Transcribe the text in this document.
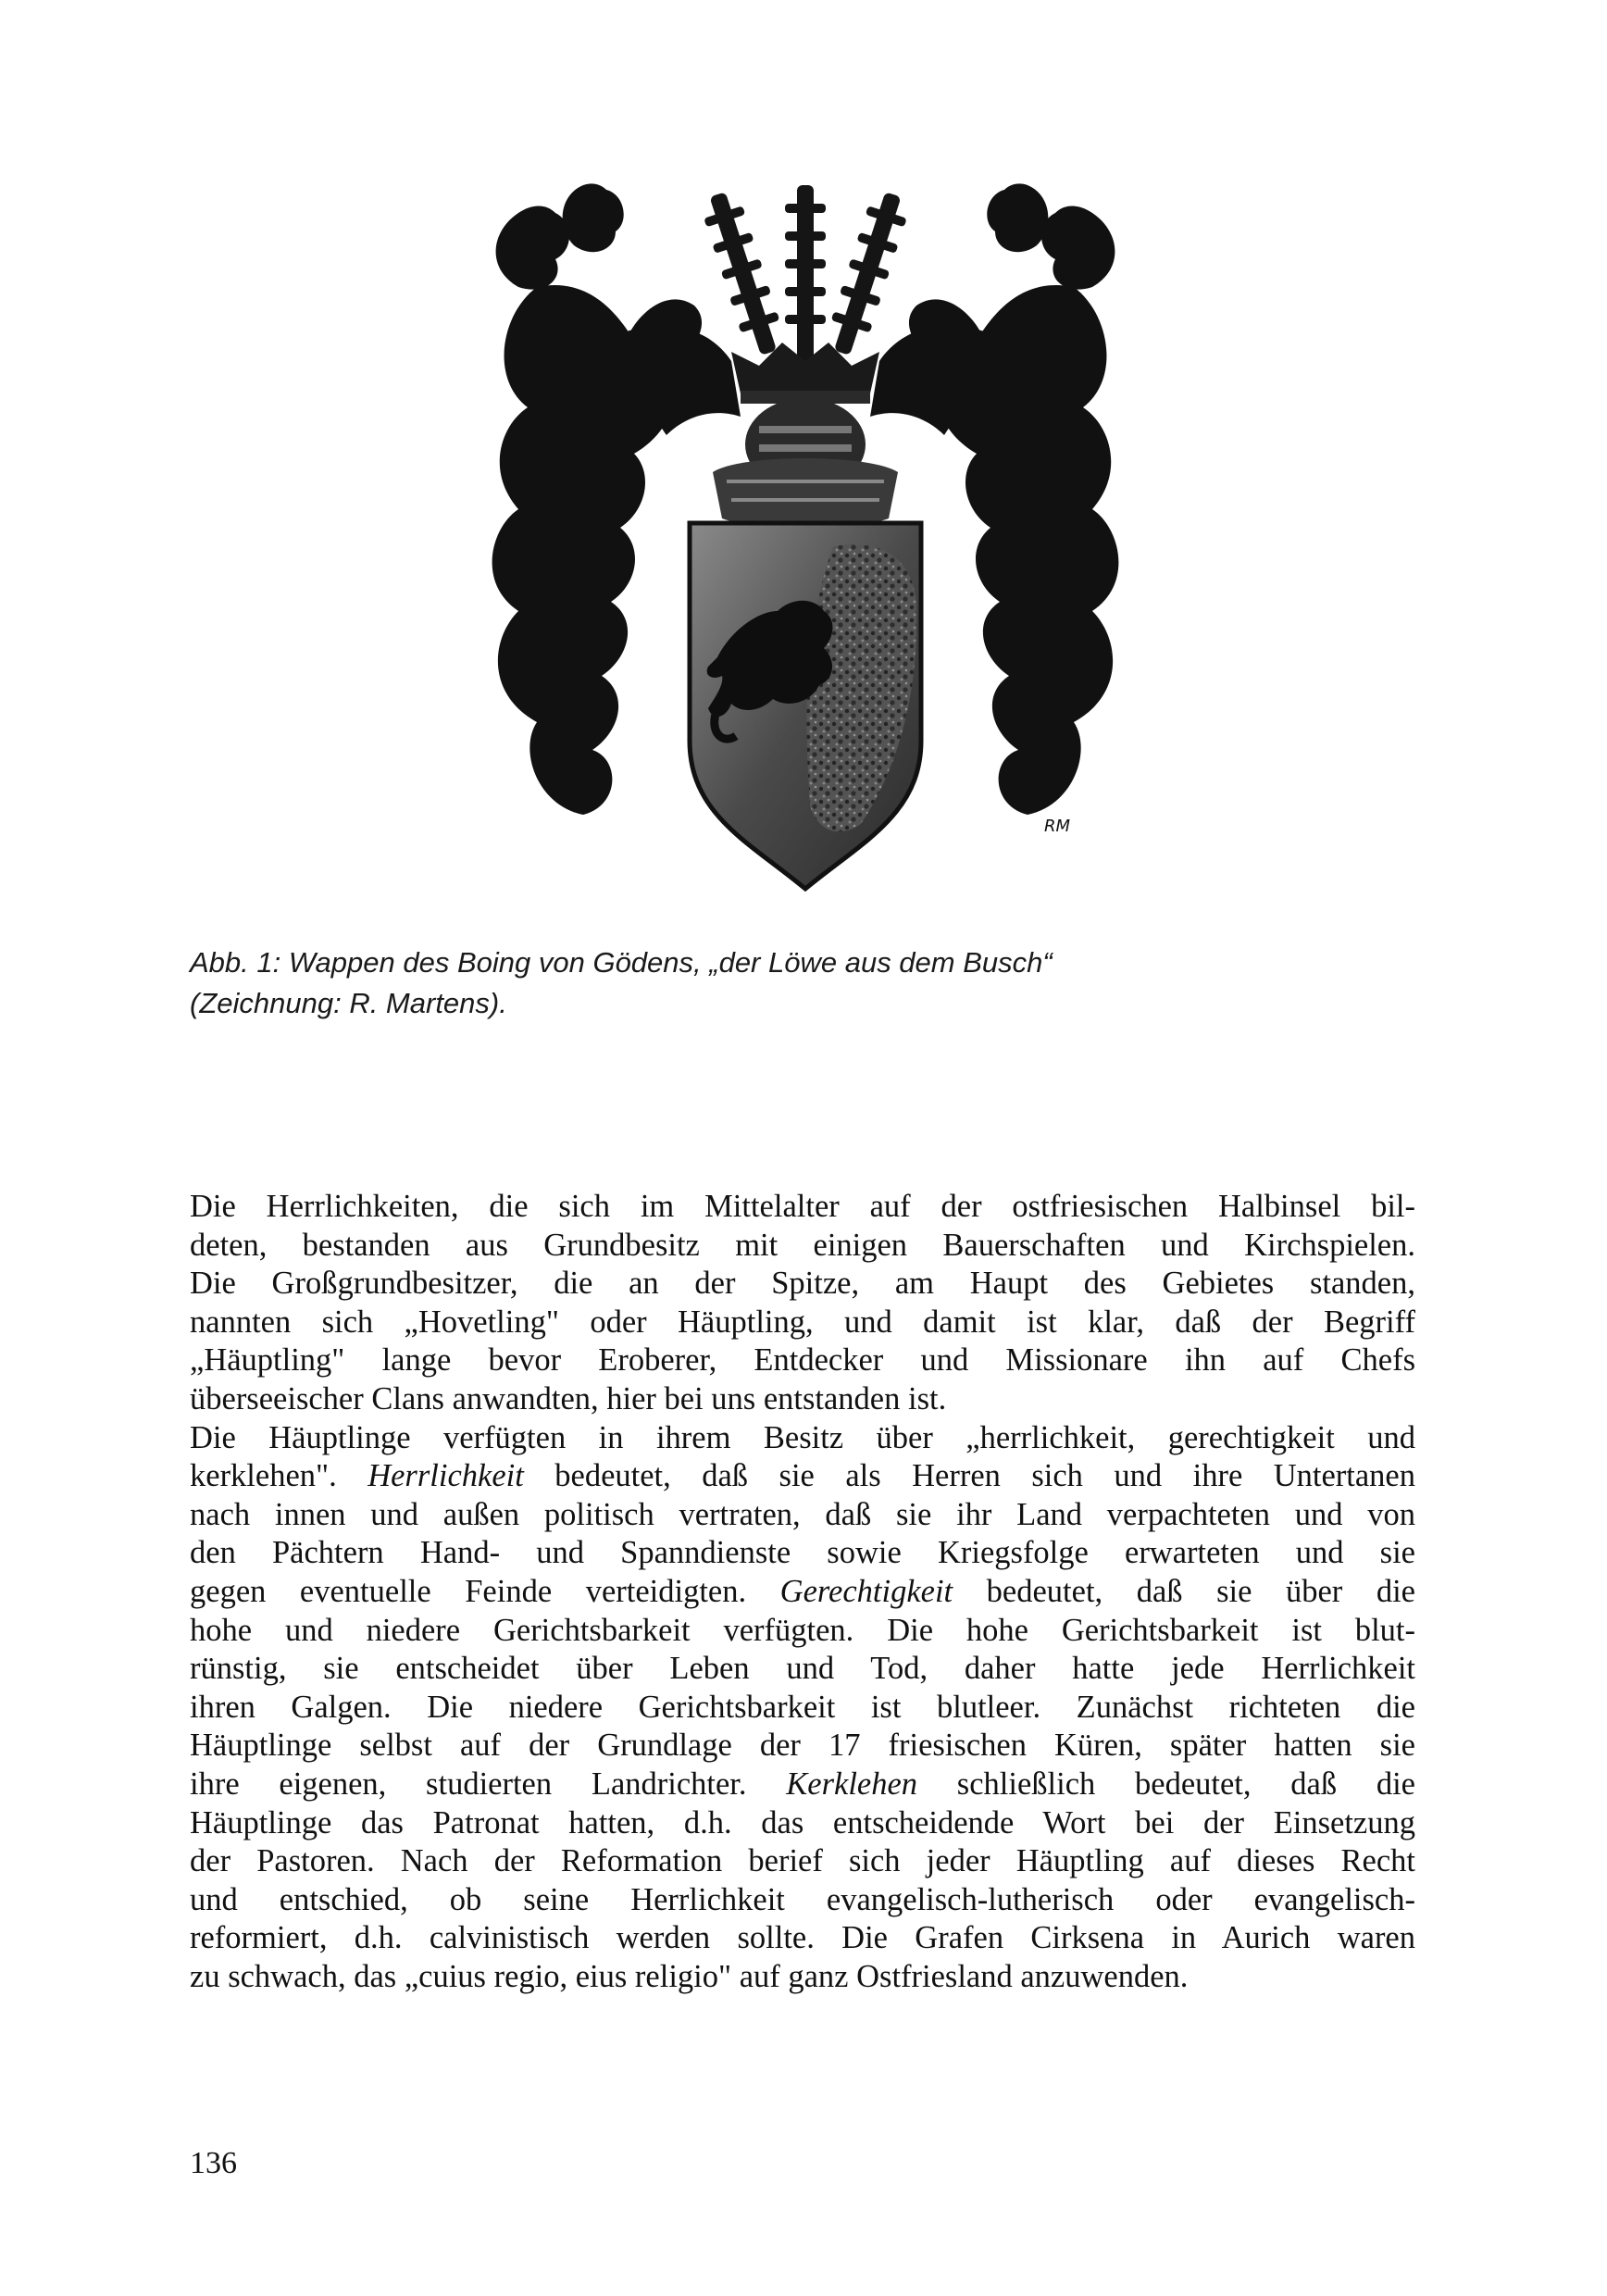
RM
Abb. 1: Wappen des Boing von Gödens, „der Löwe aus dem Busch“
(Zeichnung: R. Martens).
Die Herrlichkeiten, die sich im Mittelalter auf der ostfriesischen Halbinsel bil-
deten, bestanden aus Grundbesitz mit einigen Bauerschaften und Kirchspielen.
Die Großgrundbesitzer, die an der Spitze, am Haupt des Gebietes standen,
nannten sich „Hovetling" oder Häuptling, und damit ist klar, daß der Begriff
„Häuptling" lange bevor Eroberer, Entdecker und Missionare ihn auf Chefs
überseeischer Clans anwandten, hier bei uns entstanden ist.
Die Häuptlinge verfügten in ihrem Besitz über „herrlichkeit, gerechtigkeit und
kerklehen". Herrlichkeit bedeutet, daß sie als Herren sich und ihre Untertanen
nach innen und außen politisch vertraten, daß sie ihr Land verpachteten und von
den Pächtern Hand- und Spanndienste sowie Kriegsfolge erwarteten und sie
gegen eventuelle Feinde verteidigten. Gerechtigkeit bedeutet, daß sie über die
hohe und niedere Gerichtsbarkeit verfügten. Die hohe Gerichtsbarkeit ist blut-
rünstig, sie entscheidet über Leben und Tod, daher hatte jede Herrlichkeit
ihren Galgen. Die niedere Gerichtsbarkeit ist blutleer. Zunächst richteten die
Häuptlinge selbst auf der Grundlage der 17 friesischen Küren, später hatten sie
ihre eigenen, studierten Landrichter. Kerklehen schließlich bedeutet, daß die
Häuptlinge das Patronat hatten, d.h. das entscheidende Wort bei der Einsetzung
der Pastoren. Nach der Reformation berief sich jeder Häuptling auf dieses Recht
und entschied, ob seine Herrlichkeit evangelisch-lutherisch oder evangelisch-
reformiert, d.h. calvinistisch werden sollte. Die Grafen Cirksena in Aurich waren
zu schwach, das „cuius regio, eius religio" auf ganz Ostfriesland anzuwenden.
136
